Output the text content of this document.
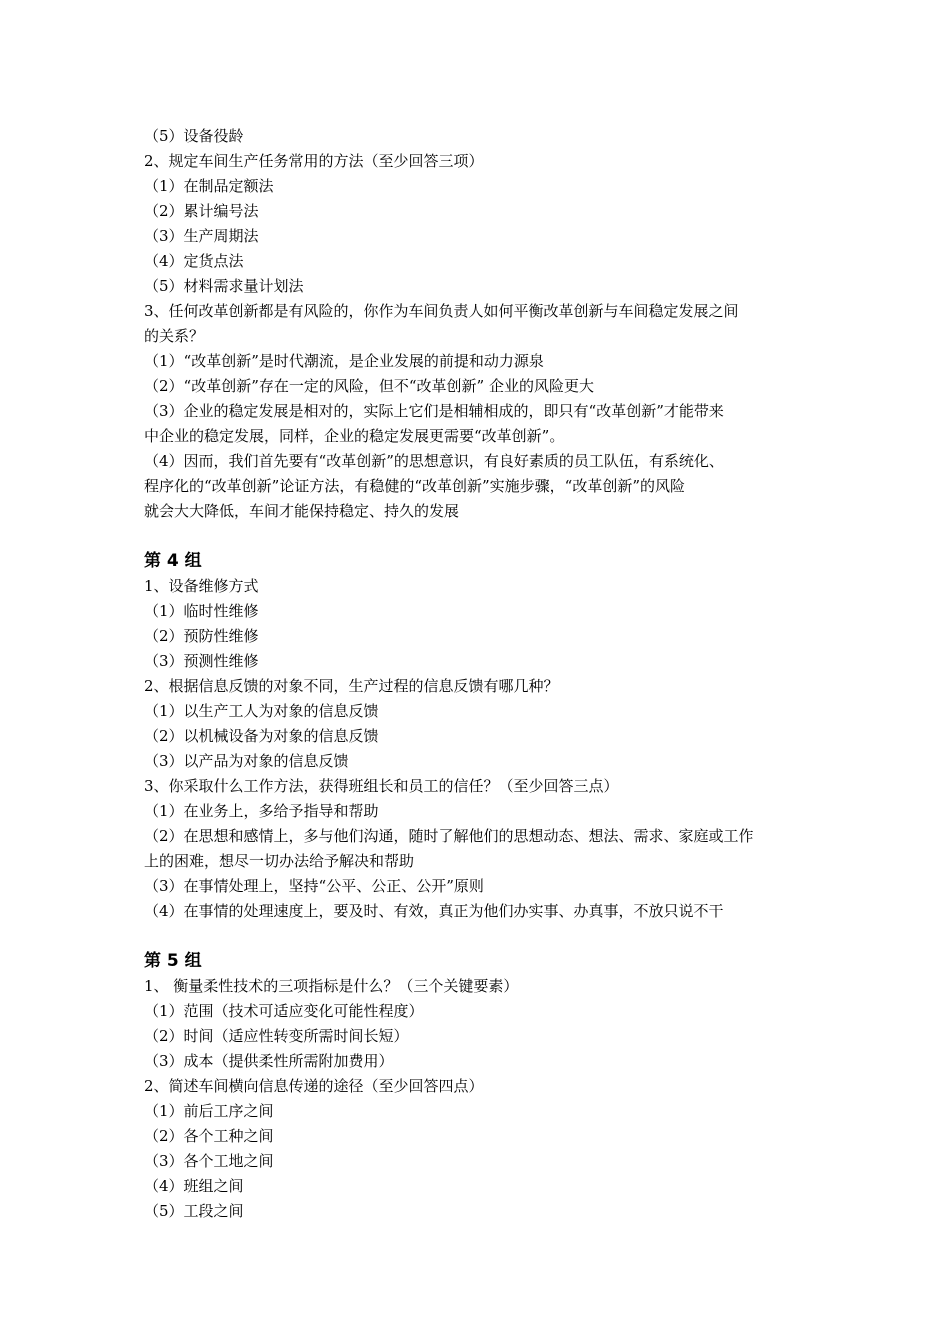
（5）设备役龄
2、规定车间生产任务常用的方法（至少回答三项）
（1）在制品定额法
（2）累计编号法
（3）生产周期法
（4）定货点法
（5）材料需求量计划法
3、任何改革创新都是有风险的，你作为车间负责人如何平衡改革创新与车间稳定发展之间
的关系？
（1）“改革创新”是时代潮流，是企业发展的前提和动力源泉
（2）“改革创新”存在一定的风险，但不“改革创新” 企业的风险更大
（3）企业的稳定发展是相对的，实际上它们是相辅相成的，即只有“改革创新”才能带来
中企业的稳定发展，同样，企业的稳定发展更需要“改革创新”。
（4）因而，我们首先要有“改革创新”的思想意识，有良好素质的员工队伍，有系统化、
程序化的“改革创新”论证方法，有稳健的“改革创新”实施步骤，“改革创新”的风险
就会大大降低，车间才能保持稳定、持久的发展
第 4 组
1、设备维修方式
（1）临时性维修
（2）预防性维修
（3）预测性维修
2、根据信息反馈的对象不同，生产过程的信息反馈有哪几种？
（1）以生产工人为对象的信息反馈
（2）以机械设备为对象的信息反馈
（3）以产品为对象的信息反馈
3、你采取什么工作方法，获得班组长和员工的信任？（至少回答三点）
（1）在业务上，多给予指导和帮助
（2）在思想和感情上，多与他们沟通，随时了解他们的思想动态、想法、需求、家庭或工作
上的困难，想尽一切办法给予解决和帮助
（3）在事情处理上，坚持“公平、公正、公开”原则
（4）在事情的处理速度上，要及时、有效，真正为他们办实事、办真事，不放只说不干
第 5 组
1、 衡量柔性技术的三项指标是什么？（三个关键要素）
（1）范围（技术可适应变化可能性程度）
（2）时间（适应性转变所需时间长短）
（3）成本（提供柔性所需附加费用）
2、简述车间横向信息传递的途径（至少回答四点）
（1）前后工序之间
（2）各个工种之间
（3）各个工地之间
（4）班组之间
（5）工段之间
